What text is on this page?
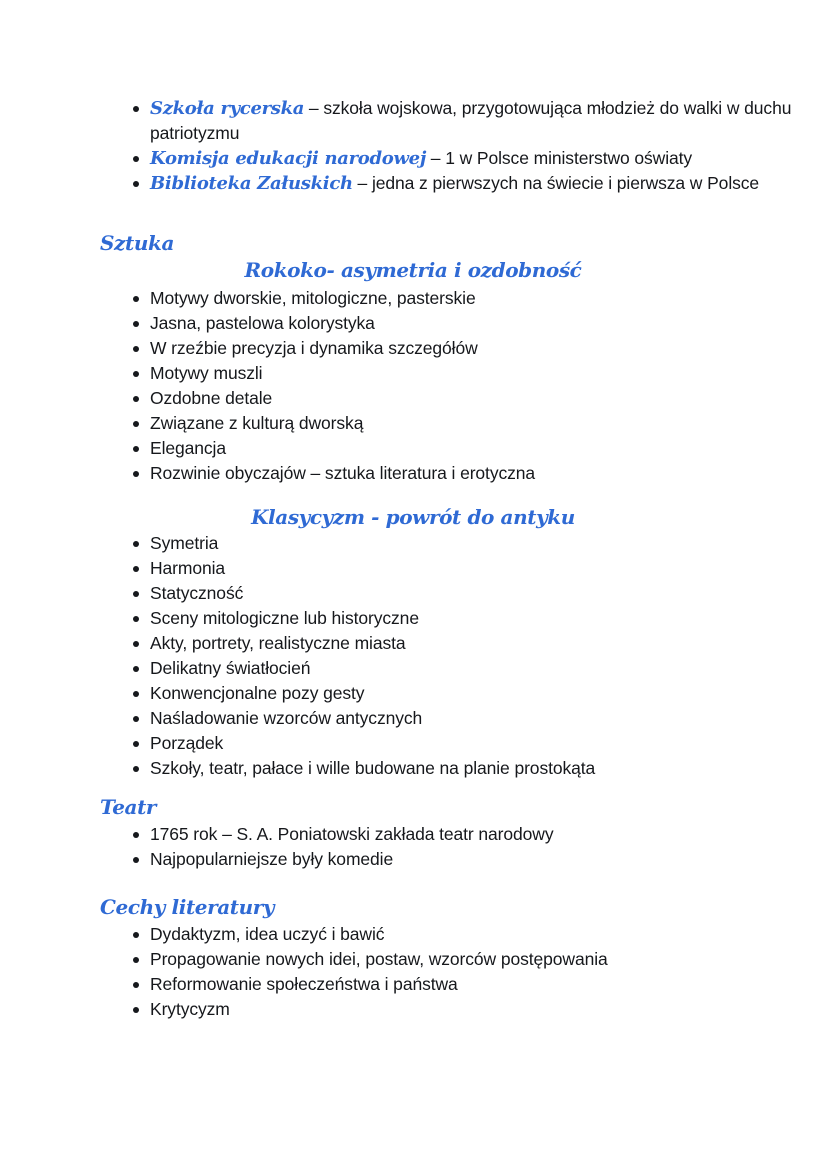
Szkoła rycerska – szkoła wojskowa, przygotowująca młodzież do walki w duchu patriotyzmu
Komisja edukacji narodowej – 1 w Polsce ministerstwo oświaty
Biblioteka Załuskich – jedna z pierwszych na świecie i pierwsza w Polsce
Sztuka
Rokoko- asymetria i ozdobność
Motywy dworskie, mitologiczne, pasterskie
Jasna, pastelowa kolorystyka
W rzeźbie precyzja i dynamika szczegółów
Motywy muszli
Ozdobne detale
Związane z kulturą dworską
Elegancja
Rozwinie obyczajów – sztuka literatura i erotyczna
Klasycyzm - powrót do antyku
Symetria
Harmonia
Statyczność
Sceny mitologiczne lub historyczne
Akty, portrety, realistyczne miasta
Delikatny światłocień
Konwencjonalne pozy gesty
Naśladowanie wzorców antycznych
Porządek
Szkoły, teatr, pałace i wille budowane na planie prostokąta
Teatr
1765 rok – S. A. Poniatowski zakłada teatr narodowy
Najpopularniejsze były komedie
Cechy literatury
Dydaktyzm, idea uczyć i bawić
Propagowanie nowych idei, postaw, wzorców postępowania
Reformowanie społeczeństwa i państwa
Krytycyzm
